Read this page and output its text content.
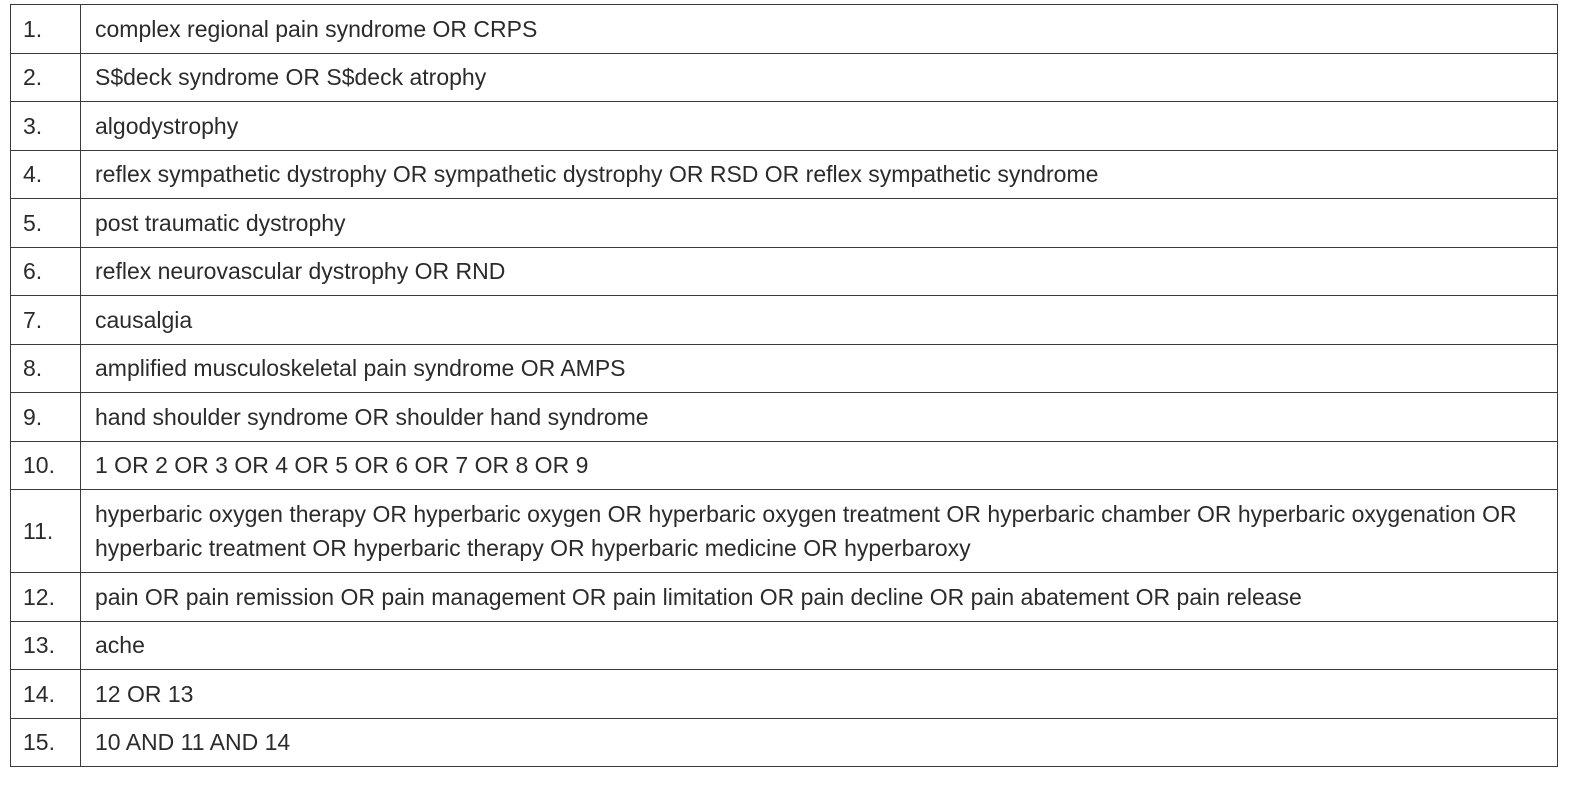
1.	complex regional pain syndrome OR CRPS
2.	S$deck syndrome OR S$deck atrophy
3.	algodystrophy
4.	reflex sympathetic dystrophy OR sympathetic dystrophy OR RSD OR reflex sympathetic syndrome
5.	post traumatic dystrophy
6.	reflex neurovascular dystrophy OR RND
7.	causalgia
8.	amplified musculoskeletal pain syndrome OR AMPS
9.	hand shoulder syndrome OR shoulder hand syndrome
10.	1 OR 2 OR 3 OR 4 OR 5 OR 6 OR 7 OR 8 OR 9
11.	hyperbaric oxygen therapy OR hyperbaric oxygen OR hyperbaric oxygen treatment OR hyperbaric chamber OR hyperbaric oxygenation OR hyperbaric treatment OR hyperbaric therapy OR hyperbaric medicine OR hyperbaroxy
12.	pain OR pain remission OR pain management OR pain limitation OR pain decline OR pain abatement OR pain release
13.	ache
14.	12 OR 13
15.	10 AND 11 AND 14
